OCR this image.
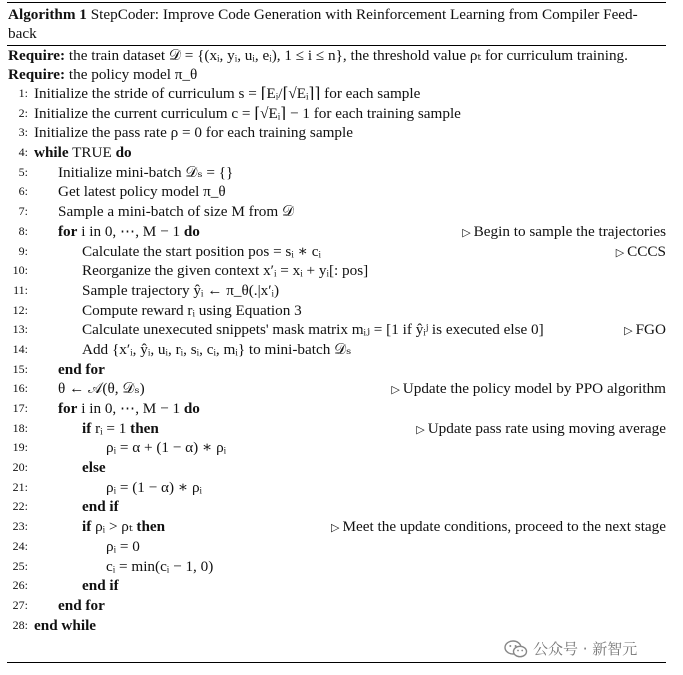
Algorithm 1 StepCoder: Improve Code Generation with Reinforcement Learning from Compiler Feed-back
Require: the train dataset 𝒟 = {(xᵢ, yᵢ, uᵢ, eᵢ), 1 ≤ i ≤ n}, the threshold value ρₜ for curriculum training.
Require: the policy model π_θ
1: Initialize the stride of curriculum s = ⌈Eᵢ/⌈√Eᵢ⌉⌉ for each sample
2: Initialize the current curriculum c = ⌈√Eᵢ⌉ − 1 for each training sample
3: Initialize the pass rate ρ = 0 for each training sample
4: while TRUE do
5:	Initialize mini-batch 𝒟ₛ = {}
6:	Get latest policy model π_θ
7:	Sample a mini-batch of size M from 𝒟
8:	for i in 0, ⋯, M − 1 do	▷ Begin to sample the trajectories
9:	Calculate the start position pos = sᵢ ∗ cᵢ	▷ CCCS
10:	Reorganize the given context x′ᵢ = xᵢ + yᵢ[: pos]
11:	Sample trajectory ŷᵢ ← π_θ(.|x′ᵢ)
12:	Compute reward rᵢ using Equation 3
13:	Calculate unexecuted snippets' mask matrix mᵢⱼ = [1 if ŷᵢʲ is executed else 0]	▷ FGO
14:	Add {x′ᵢ, ŷᵢ, uᵢ, rᵢ, sᵢ, cᵢ, mᵢ} to mini-batch 𝒟ₛ
15:	end for
16:	θ ← 𝒜(θ, 𝒟ₛ)	▷ Update the policy model by PPO algorithm
17:	for i in 0, ⋯, M − 1 do
18:	if rᵢ = 1 then	▷ Update pass rate using moving average
19:	ρᵢ = α + (1 − α) ∗ ρᵢ
20:	else
21:	ρᵢ = (1 − α) ∗ ρᵢ
22:	end if
23:	if ρᵢ > ρₜ then	▷ Meet the update conditions, proceed to the next stage
24:	ρᵢ = 0
25:	cᵢ = min(cᵢ − 1, 0)
26:	end if
27:	end for
28: end while
公众号 · 新智元
